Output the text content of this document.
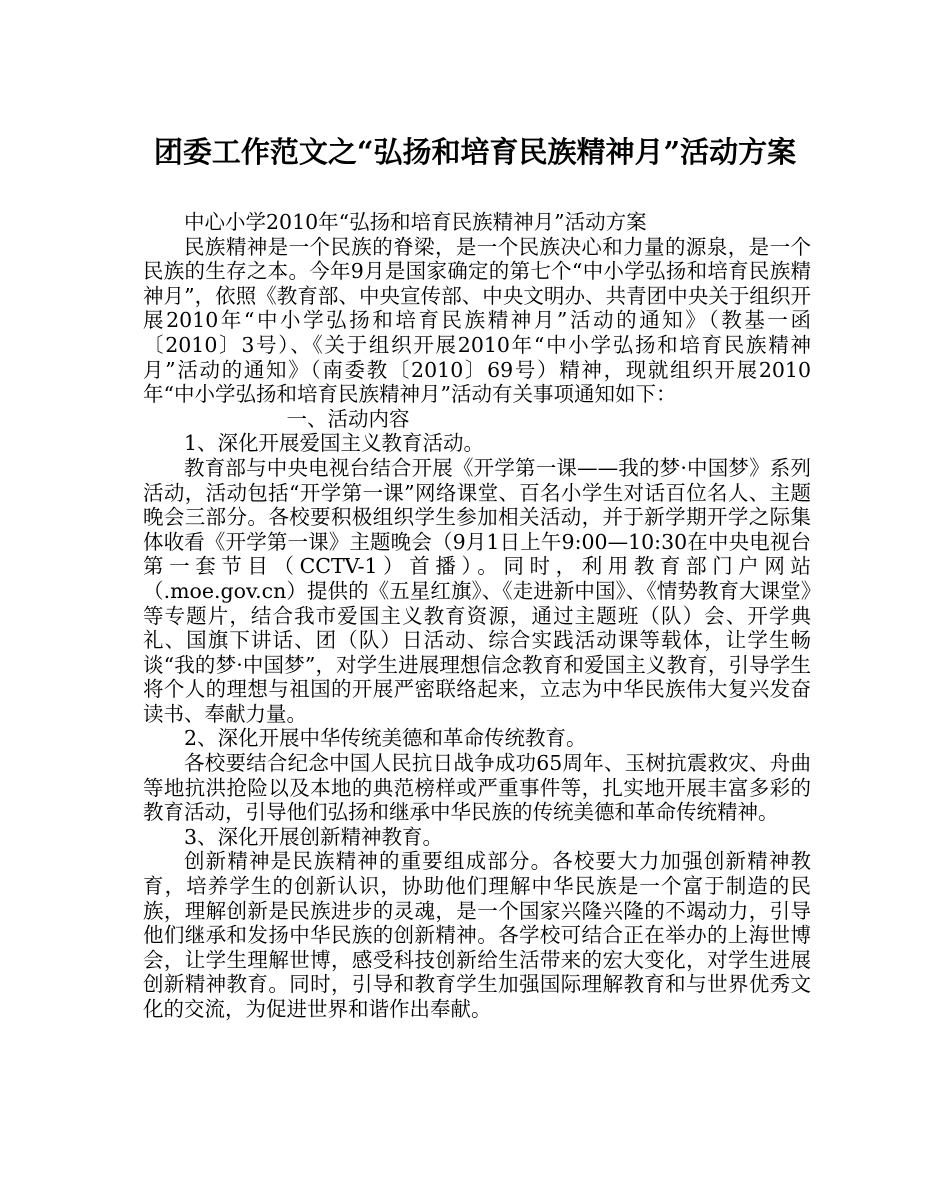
团委工作范文之“弘扬和培育民族精神月”活动方案

中心小学2010年“弘扬和培育民族精神月”活动方案

民族精神是一个民族的脊梁，是一个民族决心和力量的源泉，是一个民族的生存之本。今年9月是国家确定的第七个“中小学弘扬和培育民族精神月”，依照《教育部、中央宣传部、中央文明办、共青团中央关于组织开展2010年“中小学弘扬和培育民族精神月”活动的通知》（教基一函〔2010〕3号）、《关于组织开展2010年“中小学弘扬和培育民族精神月”活动的通知》（南委教〔2010〕69号）精神，现就组织开展2010年“中小学弘扬和培育民族精神月”活动有关事项通知如下：

一、活动内容

1、深化开展爱国主义教育活动。

教育部与中央电视台结合开展《开学第一课——我的梦·中国梦》系列活动，活动包括“开学第一课”网络课堂、百名小学生对话百位名人、主题晚会三部分。各校要积极组织学生参加相关活动，并于新学期开学之际集体收看《开学第一课》主题晚会（9月1日上午9:00—10:30在中央电视台第一套节目（CCTV-1）首播）。同时，利用教育部门户网站（.moe.gov.cn）提供的《五星红旗》、《走进新中国》、《情势教育大课堂》等专题片，结合我市爱国主义教育资源，通过主题班（队）会、开学典礼、国旗下讲话、团（队）日活动、综合实践活动课等载体，让学生畅谈“我的梦·中国梦”，对学生进展理想信念教育和爱国主义教育，引导学生将个人的理想与祖国的开展严密联络起来，立志为中华民族伟大复兴发奋读书、奉献力量。

2、深化开展中华传统美德和革命传统教育。

各校要结合纪念中国人民抗日战争成功65周年、玉树抗震救灾、舟曲等地抗洪抢险以及本地的典范榜样或严重事件等，扎实地开展丰富多彩的教育活动，引导他们弘扬和继承中华民族的传统美德和革命传统精神。

3、深化开展创新精神教育。

创新精神是民族精神的重要组成部分。各校要大力加强创新精神教育，培养学生的创新认识，协助他们理解中华民族是一个富于制造的民族，理解创新是民族进步的灵魂，是一个国家兴隆兴隆的不竭动力，引导他们继承和发扬中华民族的创新精神。各学校可结合正在举办的上海世博会，让学生理解世博，感受科技创新给生活带来的宏大变化，对学生进展创新精神教育。同时，引导和教育学生加强国际理解教育和与世界优秀文化的交流，为促进世界和谐作出奉献。
